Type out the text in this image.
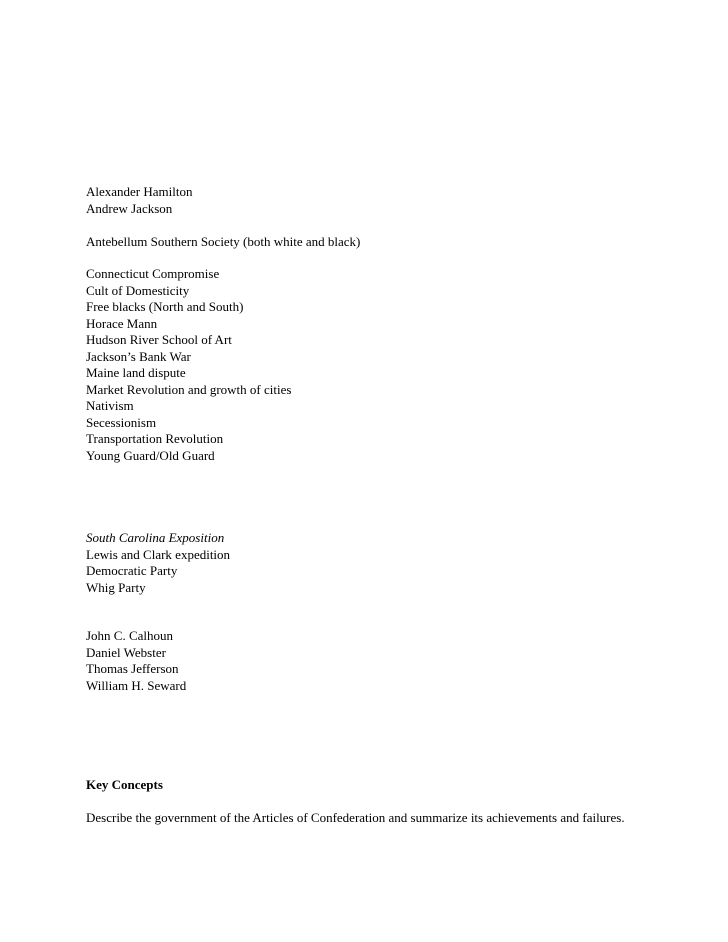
Alexander Hamilton
Andrew Jackson
Antebellum Southern Society (both white and black)
Connecticut Compromise
Cult of Domesticity
Free blacks (North and South)
Horace Mann
Hudson River School of Art
Jackson’s Bank War
Maine land dispute
Market Revolution and growth of cities
Nativism
Secessionism
Transportation Revolution
Young Guard/Old Guard
South Carolina Exposition
Lewis and Clark expedition
Democratic Party
Whig Party
John C. Calhoun
Daniel Webster
Thomas Jefferson
William H. Seward
Key Concepts
Describe the government of the Articles of Confederation and summarize its achievements and failures.
